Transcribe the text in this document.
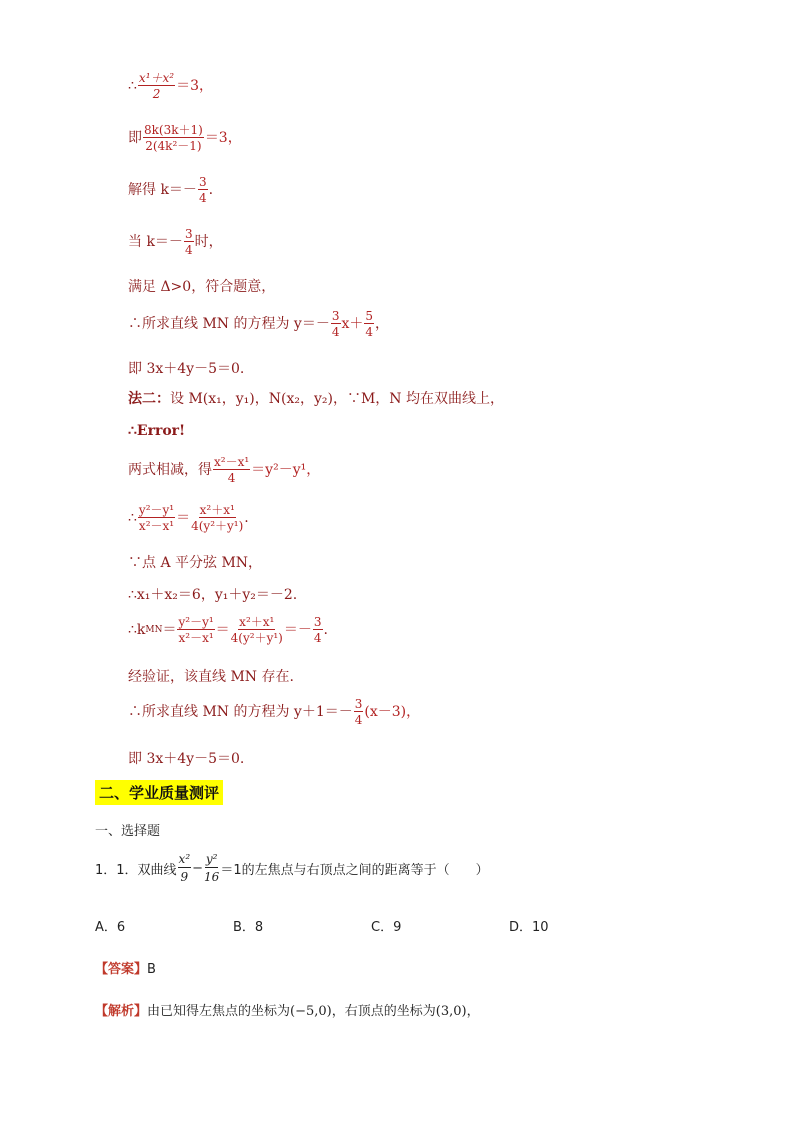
∴ $\frac{\text{x¹＋x²}}{2} =3$，
即 $\frac{8k(3k+1)}{\text{2(4k²－1)}} =3$，
解得 $k=- \frac{3}{4}$ .
当 $k=- \frac{3}{4}$ 时，
满足 Δ>0，符合题意，
∴所求直线 MN 的方程为 $y=- \frac{3}{4} x+ \frac{5}{4}$ ，
即 3x＋4y－5＝0.
法二： 设 M(x₁，y₁)，N(x₂，y₂)，∵M，N 均在双曲线上，
∴Error!
两式相减，得 $\frac{\text{x²－x¹}}{4} =y^2-y^1$，
∴ $\frac{\text{y²－y¹}}{\text{x²－x¹}} = \frac{\text{x²＋x¹}}{\text{4(y²＋y¹)}}$ .
∵点 A 平分弦 MN，
∴x₁＋x₂＝6，y₁＋y₂＝－2.
∴k MN ＝ $\frac{\text{y²－y¹}}{\text{x²－x¹}} = \frac{\text{x²＋x¹}}{\text{4(y²＋y¹)}} =- \frac{3}{4}$ .
经验证，该直线 MN 存在.
∴所求直线 MN 的方程为 $y+1=- \frac{3}{4} (x-3)$，
即 3x＋4y－5＝0.
二、学业质量测评
一、选择题
1．1．双曲线 $\frac{\text{x²}}{9} - \frac{\text{y²}}{16} =1$的左焦点与右顶点之间的距离等于（　　）
A．6	B．8	C．9	D．10
【答案】B
【解析】由已知得左焦点的坐标为(−5,0)，右顶点的坐标为(3,0)，
